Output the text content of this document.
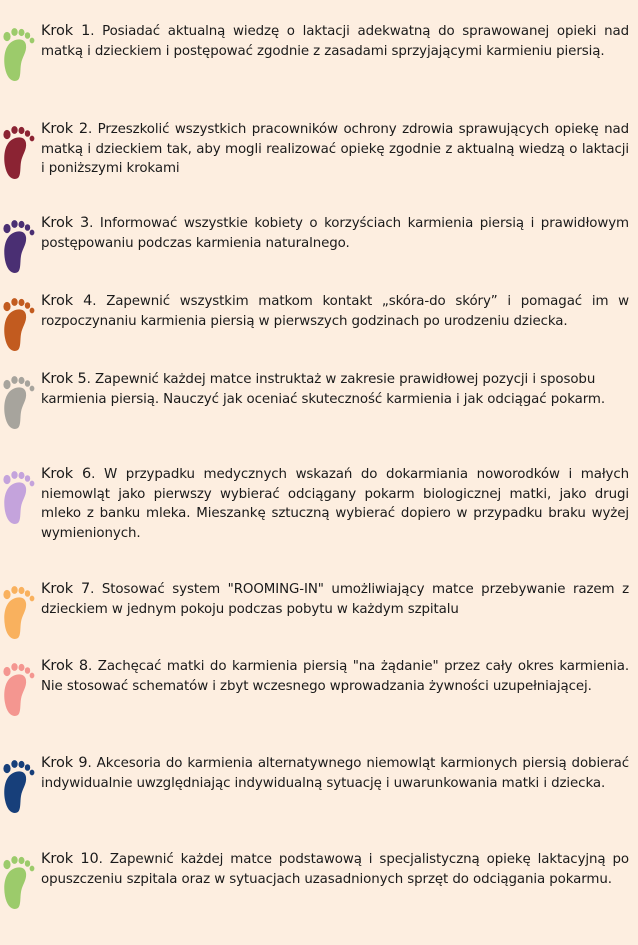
Krok 1. Posiadać aktualną wiedzę o laktacji adekwatną do sprawowanej opieki nad matką i dzieckiem i postępować zgodnie z zasadami sprzyjającymi karmieniu piersią.
Krok 2. Przeszkolić wszystkich pracowników ochrony zdrowia sprawujących opiekę nad matką i dzieckiem tak, aby mogli realizować opiekę zgodnie z aktualną wiedzą o laktacji i poniższymi krokami
Krok 3. Informować wszystkie kobiety o korzyściach karmienia piersią i prawidłowym postępowaniu podczas karmienia naturalnego.
Krok 4. Zapewnić wszystkim matkom kontakt „skóra-do skóry” i pomagać im w rozpoczynaniu karmienia piersią w pierwszych godzinach po urodzeniu dziecka.
Krok 5. Zapewnić każdej matce instruktaż w zakresie prawidłowej pozycji i sposobu karmienia piersią. Nauczyć jak oceniać skuteczność karmienia i jak odciągać pokarm.
Krok 6. W przypadku medycznych wskazań do dokarmiania noworodków i małych niemowląt jako pierwszy wybierać odciągany pokarm biologicznej matki, jako drugi mleko z banku mleka. Mieszankę sztuczną wybierać dopiero w przypadku braku wyżej wymienionych.
Krok 7. Stosować system "ROOMING-IN" umożliwiający matce przebywanie razem z dzieckiem w jednym pokoju podczas pobytu w każdym szpitalu
Krok 8. Zachęcać matki do karmienia piersią "na żądanie" przez cały okres karmienia. Nie stosować schematów i zbyt wczesnego wprowadzania żywności uzupełniającej.
Krok 9. Akcesoria do karmienia alternatywnego niemowląt karmionych piersią dobierać indywidualnie uwzględniając indywidualną sytuację i uwarunkowania matki i dziecka.
Krok 10. Zapewnić każdej matce podstawową i specjalistyczną opiekę laktacyjną po opuszczeniu szpitala oraz w sytuacjach uzasadnionych sprzęt do odciągania pokarmu.
